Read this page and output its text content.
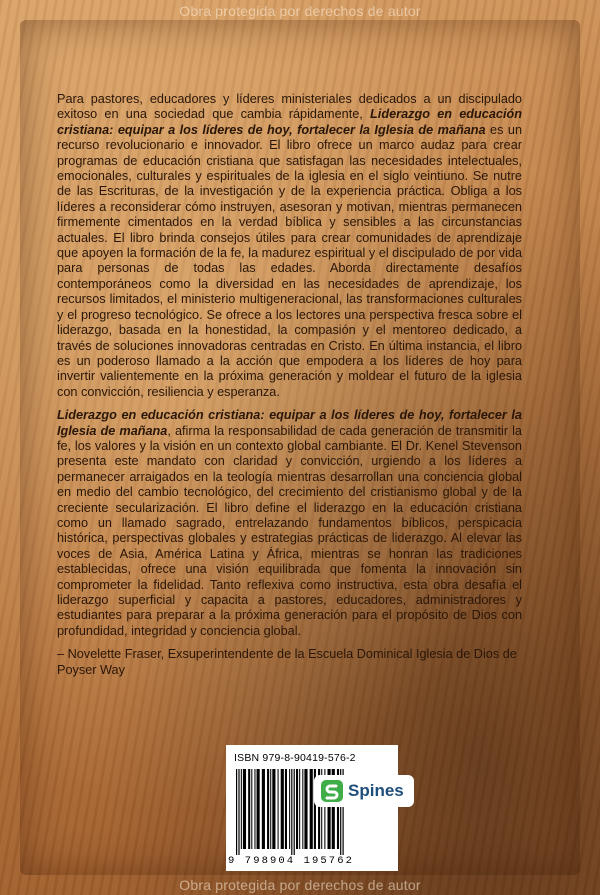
Obra protegida por derechos de autor

Para pastores, educadores y líderes ministeriales dedicados a un discipulado exitoso en una sociedad que cambia rápidamente, Liderazgo en educación cristiana: equipar a los líderes de hoy, fortalecer la Iglesia de mañana es un recurso revolucionario e innovador. El libro ofrece un marco audaz para crear programas de educación cristiana que satisfagan las necesidades intelectuales, emocionales, culturales y espirituales de la iglesia en el siglo veintiuno. Se nutre de las Escrituras, de la investigación y de la experiencia práctica. Obliga a los líderes a reconsiderar cómo instruyen, asesoran y motivan, mientras permanecen firmemente cimentados en la verdad bíblica y sensibles a las circunstancias actuales. El libro brinda consejos útiles para crear comunidades de aprendizaje que apoyen la formación de la fe, la madurez espiritual y el discipulado de por vida para personas de todas las edades. Aborda directamente desafíos contemporáneos como la diversidad en las necesidades de aprendizaje, los recursos limitados, el ministerio multigeneracional, las transformaciones culturales y el progreso tecnológico. Se ofrece a los lectores una perspectiva fresca sobre el liderazgo, basada en la honestidad, la compasión y el mentoreo dedicado, a través de soluciones innovadoras centradas en Cristo. En última instancia, el libro es un poderoso llamado a la acción que empodera a los líderes de hoy para invertir valientemente en la próxima generación y moldear el futuro de la iglesia con convicción, resiliencia y esperanza.

Liderazgo en educación cristiana: equipar a los líderes de hoy, fortalecer la Iglesia de mañana, afirma la responsabilidad de cada generación de transmitir la fe, los valores y la visión en un contexto global cambiante. El Dr. Kenel Stevenson presenta este mandato con claridad y convicción, urgiendo a los líderes a permanecer arraigados en la teología mientras desarrollan una conciencia global en medio del cambio tecnológico, del crecimiento del cristianismo global y de la creciente secularización. El libro define el liderazgo en la educación cristiana como un llamado sagrado, entrelazando fundamentos bíblicos, perspicacia histórica, perspectivas globales y estrategias prácticas de liderazgo. Al elevar las voces de Asia, América Latina y África, mientras se honran las tradiciones establecidas, ofrece una visión equilibrada que fomenta la innovación sin comprometer la fidelidad. Tanto reflexiva como instructiva, esta obra desafía el liderazgo superficial y capacita a pastores, educadores, administradores y estudiantes para preparar a la próxima generación para el propósito de Dios con profundidad, integridad y conciencia global.

– Novelette Fraser, Exsuperintendente de la Escuela Dominical Iglesia de Dios de Poyser Way

ISBN 979-8-90419-576-2
9 798904 195762
Spines
Obra protegida por derechos de autor
